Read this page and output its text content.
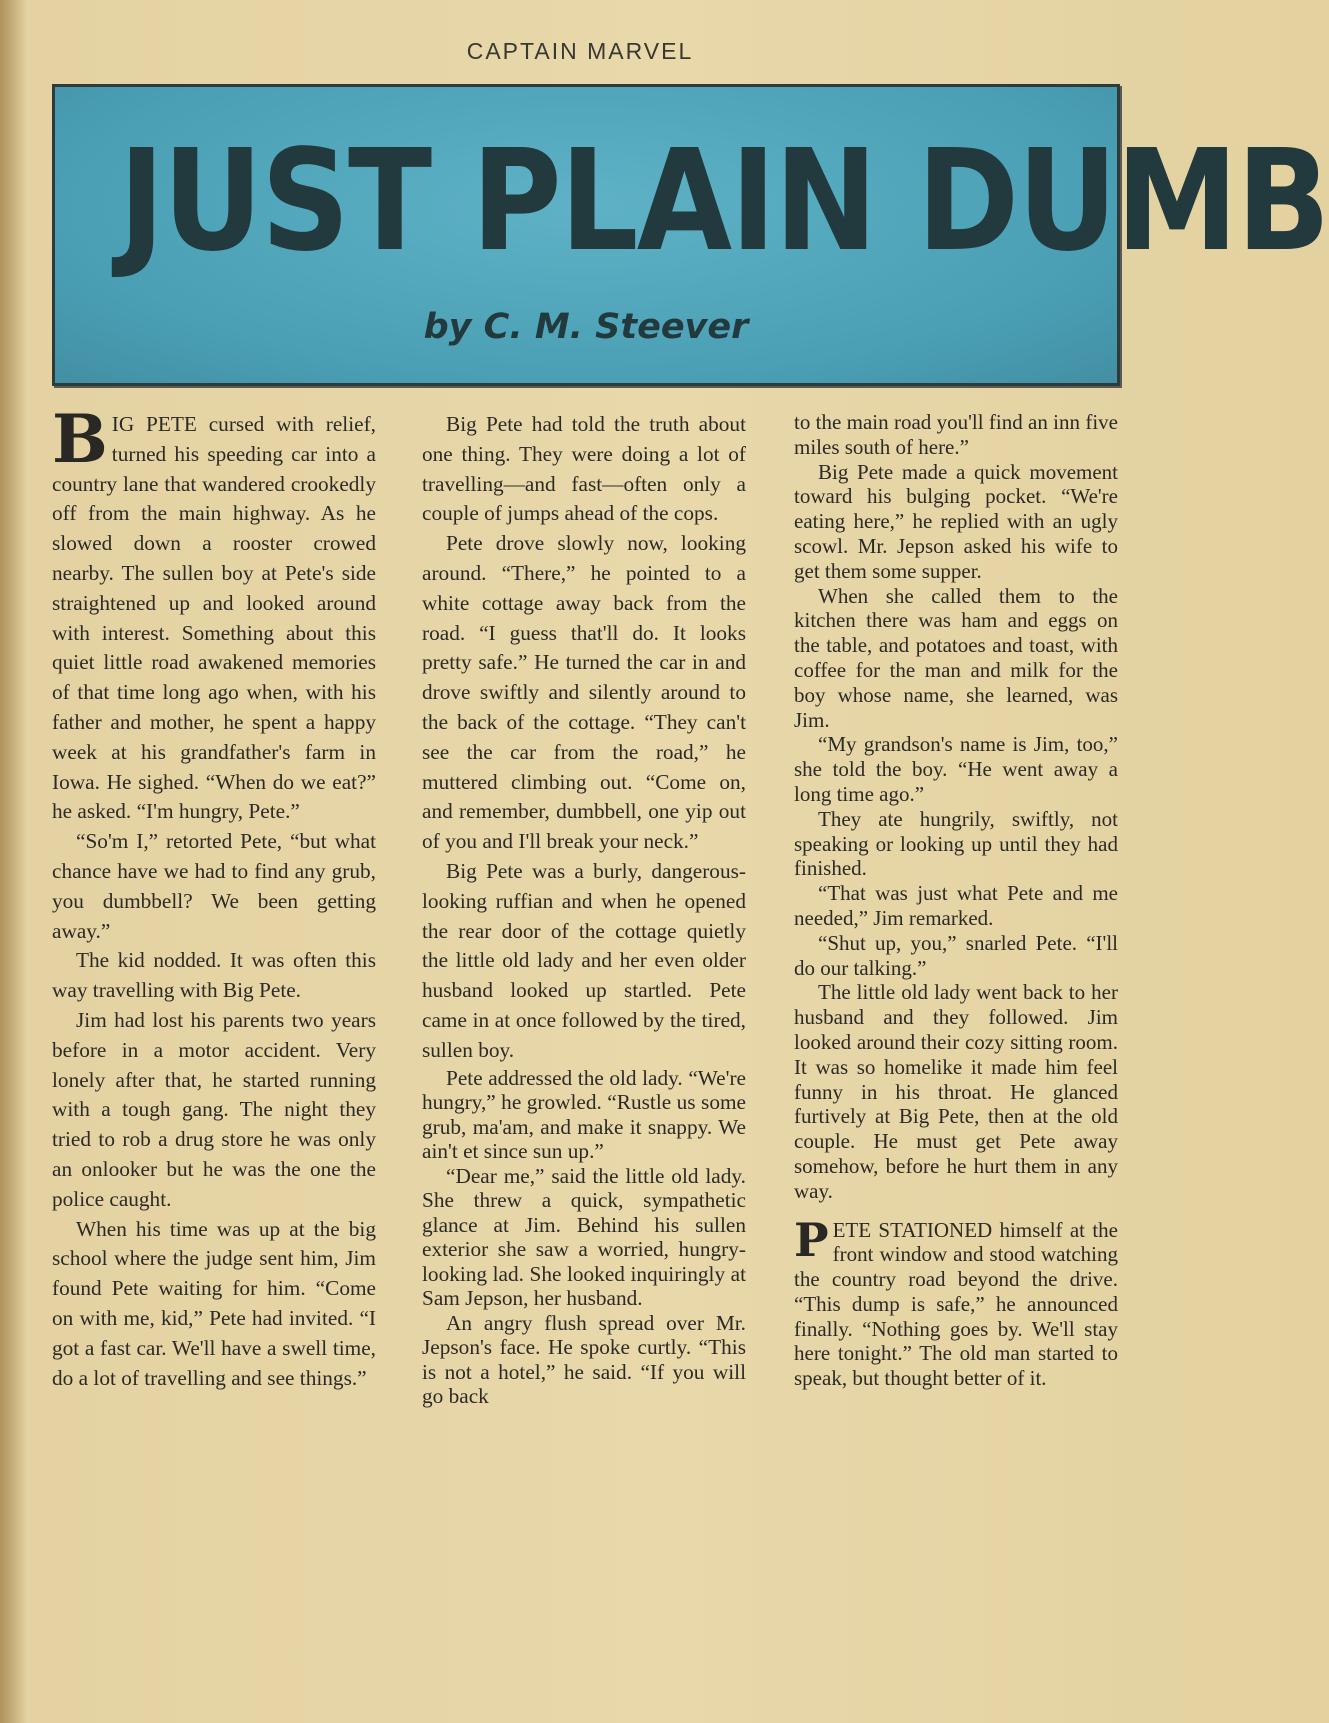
CAPTAIN MARVEL
JUST PLAIN DUMB
by C. M. Steever

BIG PETE cursed with relief, turned his speeding car into a country lane that wandered crookedly off from the main highway. As he slowed down a rooster crowed nearby. The sullen boy at Pete's side straightened up and looked around with interest. Something about this quiet little road awakened memories of that time long ago when, with his father and mother, he spent a happy week at his grandfather's farm in Iowa. He sighed. “When do we eat?” he asked. “I'm hungry, Pete.”

“So'm I,” retorted Pete, “but what chance have we had to find any grub, you dumbbell? We been getting away.”

The kid nodded. It was often this way travelling with Big Pete.

Jim had lost his parents two years before in a motor accident. Very lonely after that, he started running with a tough gang. The night they tried to rob a drug store he was only an onlooker but he was the one the police caught.

When his time was up at the big school where the judge sent him, Jim found Pete waiting for him. “Come on with me, kid,” Pete had invited. “I got a fast car. We'll have a swell time, do a lot of travelling and see things.”

Big Pete had told the truth about one thing. They were doing a lot of travelling—and fast—often only a couple of jumps ahead of the cops.

Pete drove slowly now, looking around. “There,” he pointed to a white cottage away back from the road. “I guess that'll do. It looks pretty safe.” He turned the car in and drove swiftly and silently around to the back of the cottage. “They can't see the car from the road,” he muttered climbing out. “Come on, and remember, dumbbell, one yip out of you and I'll break your neck.”

Big Pete was a burly, dangerous-looking ruffian and when he opened the rear door of the cottage quietly the little old lady and her even older husband looked up startled. Pete came in at once followed by the tired, sullen boy.

Pete addressed the old lady. “We're hungry,” he growled. “Rustle us some grub, ma'am, and make it snappy. We ain't et since sun up.”

“Dear me,” said the little old lady. She threw a quick, sympathetic glance at Jim. Behind his sullen exterior she saw a worried, hungry-looking lad. She looked inquiringly at Sam Jepson, her husband.

An angry flush spread over Mr. Jepson's face. He spoke curtly. “This is not a hotel,” he said. “If you will go back

to the main road you'll find an inn five miles south of here.”

Big Pete made a quick movement toward his bulging pocket. “We're eating here,” he replied with an ugly scowl. Mr. Jepson asked his wife to get them some supper.

When she called them to the kitchen there was ham and eggs on the table, and potatoes and toast, with coffee for the man and milk for the boy whose name, she learned, was Jim.

“My grandson's name is Jim, too,” she told the boy. “He went away a long time ago.”

They ate hungrily, swiftly, not speaking or looking up until they had finished.

“That was just what Pete and me needed,” Jim remarked.

“Shut up, you,” snarled Pete. “I'll do our talking.”

The little old lady went back to her husband and they followed. Jim looked around their cozy sitting room. It was so homelike it made him feel funny in his throat. He glanced furtively at Big Pete, then at the old couple. He must get Pete away somehow, before he hurt them in any way.

PETE STATIONED himself at the front window and stood watching the country road beyond the drive. “This dump is safe,” he announced finally. “Nothing goes by. We'll stay here tonight.” The old man started to speak, but thought better of it.
